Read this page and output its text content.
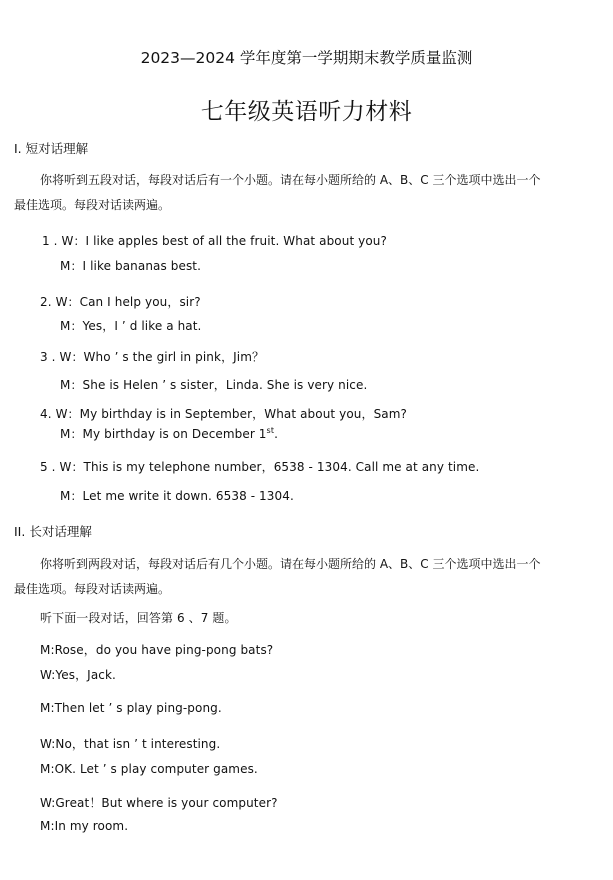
2023—2024 学年度第一学期期末教学质量监测
七年级英语听力材料
I. 短对话理解
你将听到五段对话，每段对话后有一个小题。请在每小题所给的 A、B、C 三个选项中选出一个
最佳选项。每段对话读两遍。
1 . W：I like apples best of all the fruit. What about you?
M：I like bananas best.
2. W：Can I help you，sir?
M：Yes，I ’ d like a hat.
3 . W：Who ’ s the girl in pink，Jim？
M：She is Helen ’ s sister，Linda. She is very nice.
4. W：My birthday is in September，What about you，Sam?
M：My birthday is on December 1st.
5 . W：This is my telephone number，6538 - 1304. Call me at any time.
M：Let me write it down. 6538 - 1304.
II. 长对话理解
你将听到两段对话，每段对话后有几个小题。请在每小题所给的 A、B、C 三个选项中选出一个
最佳选项。每段对话读两遍。
听下面一段对话，回答第 6 、7 题。
M:Rose，do you have ping-pong bats?
W:Yes，Jack.
M:Then let ’ s play ping-pong.
W:No，that isn ’ t interesting.
M:OK. Let ’ s play computer games.
W:Great！But where is your computer?
M:In my room.
